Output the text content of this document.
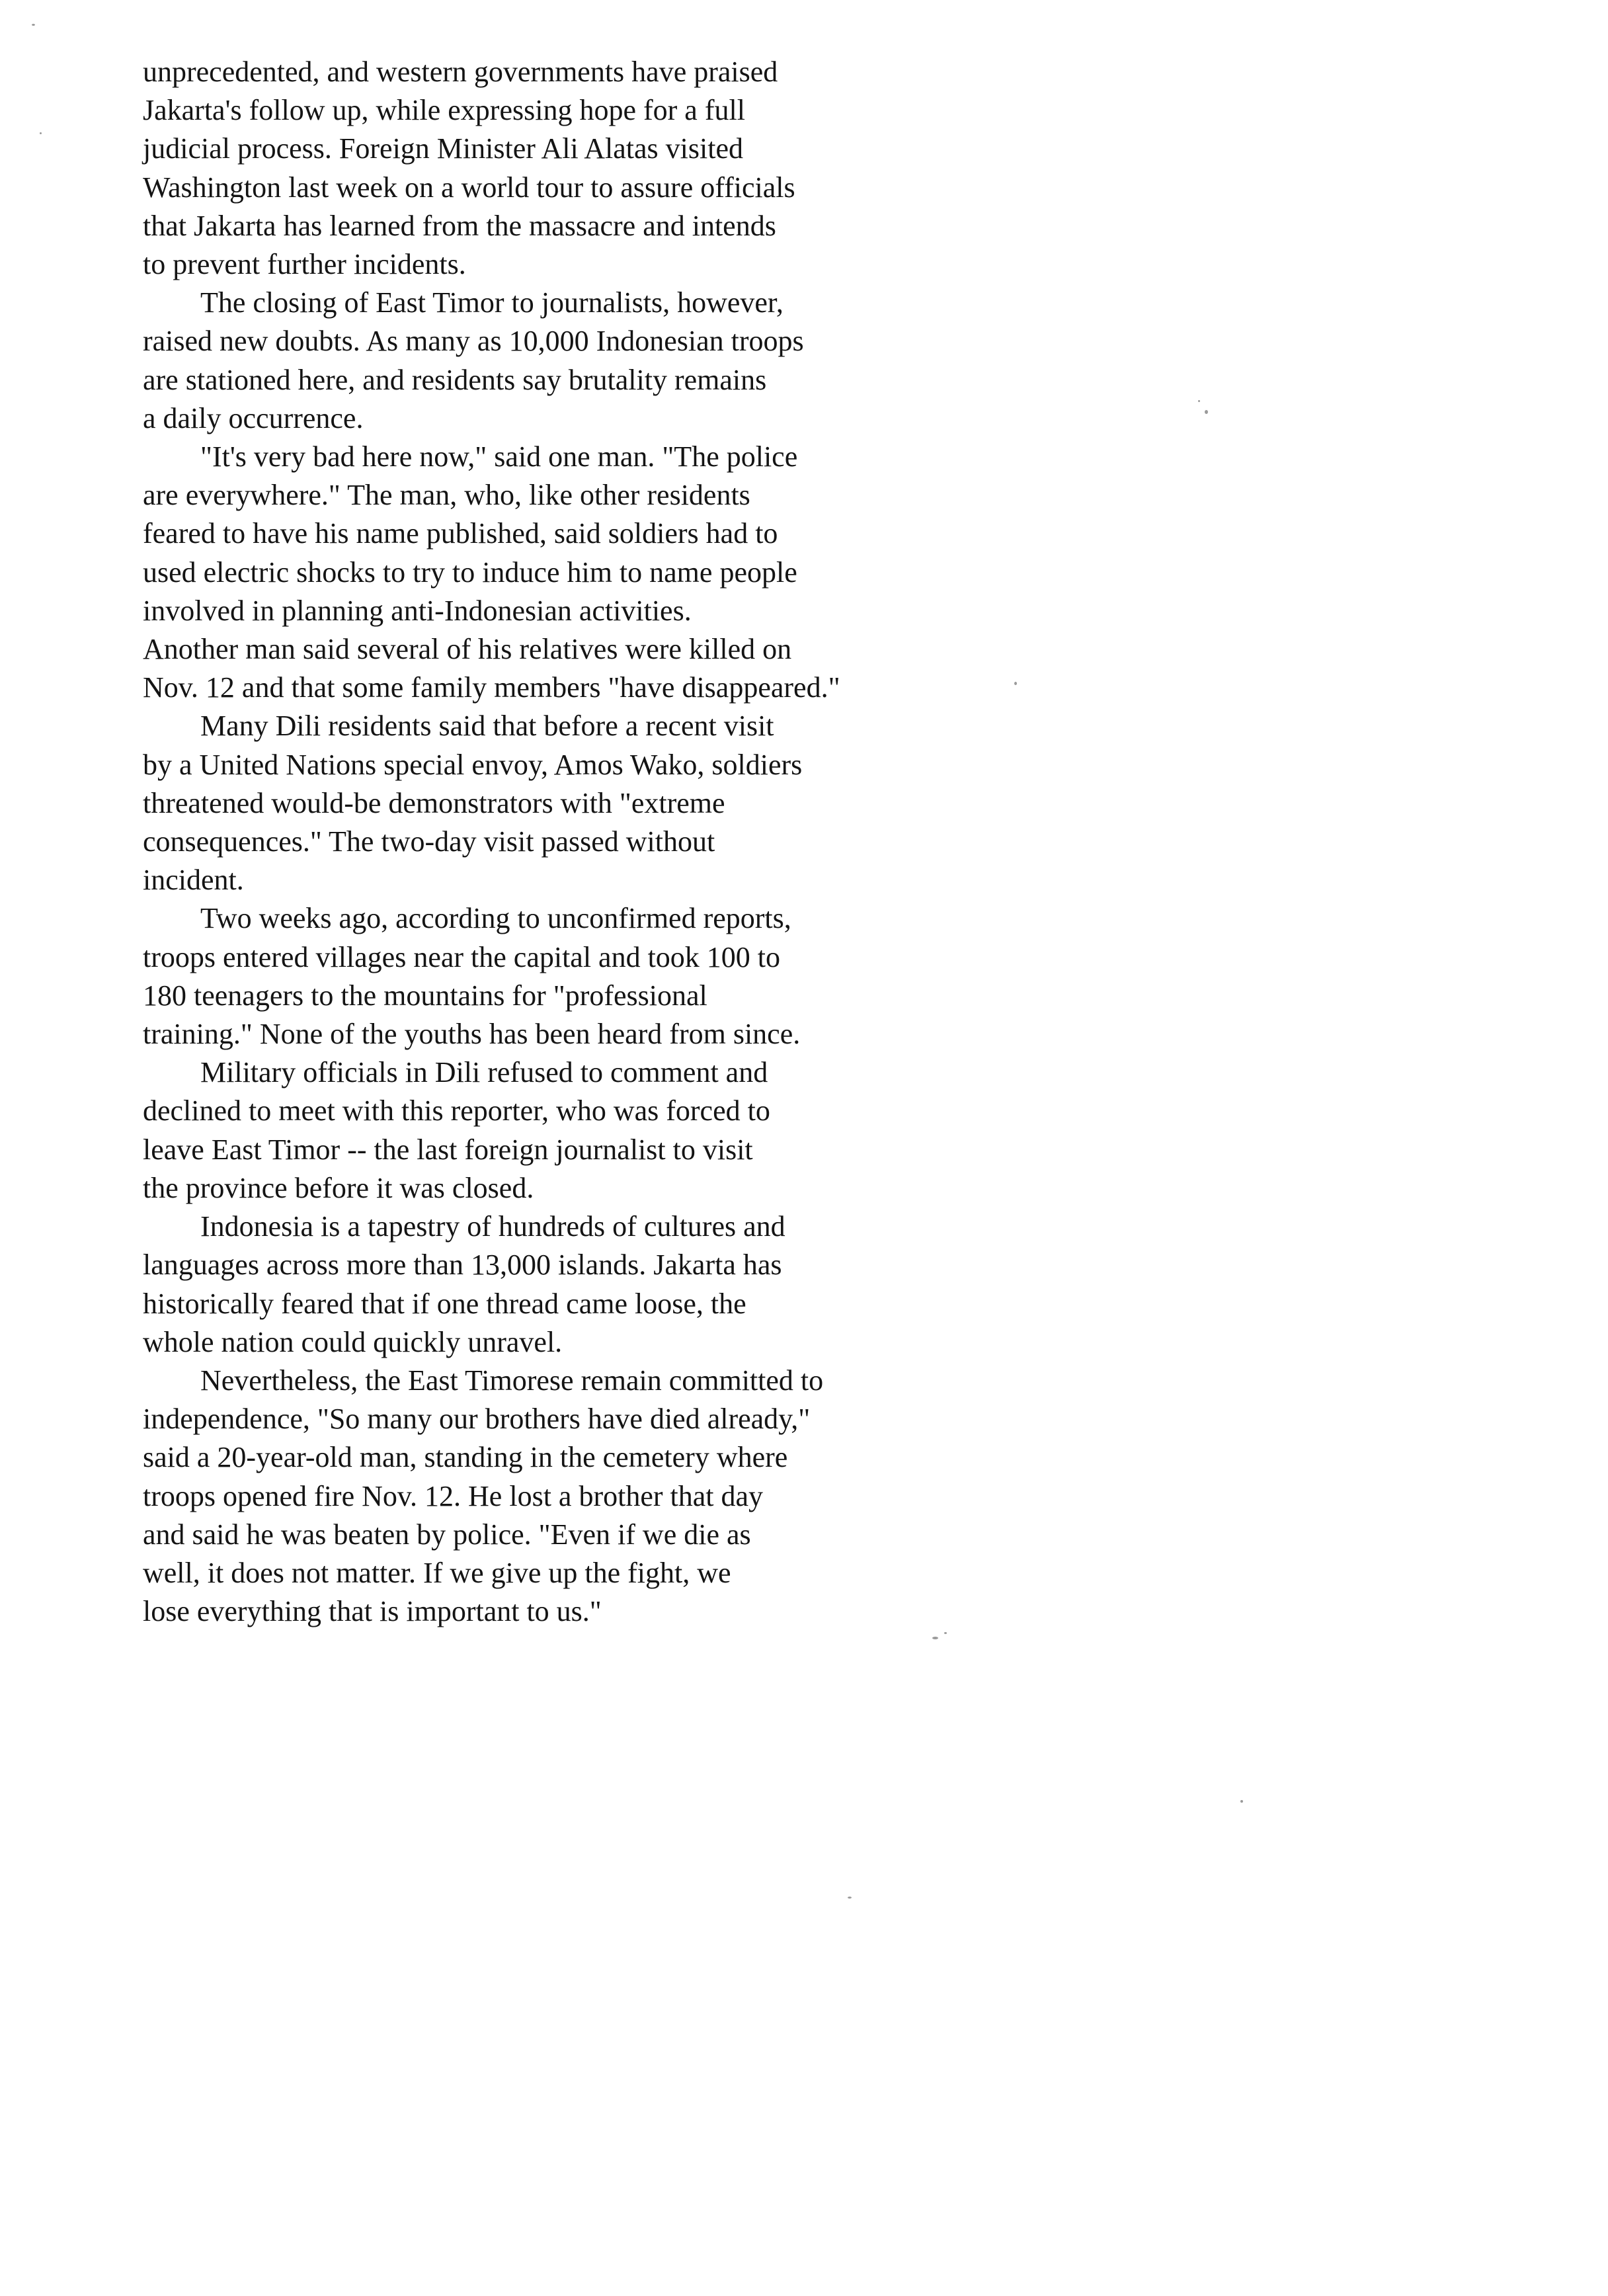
unprecedented, and western governments have praised
Jakarta's follow up, while expressing hope for a full
judicial process. Foreign Minister Ali Alatas visited
Washington last week on a world tour to assure officials
that Jakarta has learned from the massacre and intends
to prevent further incidents.

The closing of East Timor to journalists, however,
raised new doubts. As many as 10,000 Indonesian troops
are stationed here, and residents say brutality remains
a daily occurrence.

"It's very bad here now," said one man. "The police
are everywhere." The man, who, like other residents
feared to have his name published, said soldiers had to
used electric shocks to try to induce him to name people
involved in planning anti-Indonesian activities.
Another man said several of his relatives were killed on
Nov. 12 and that some family members "have disappeared."

Many Dili residents said that before a recent visit
by a United Nations special envoy, Amos Wako, soldiers
threatened would-be demonstrators with "extreme
consequences." The two-day visit passed without
incident.

Two weeks ago, according to unconfirmed reports,
troops entered villages near the capital and took 100 to
180 teenagers to the mountains for "professional
training." None of the youths has been heard from since.

Military officials in Dili refused to comment and
declined to meet with this reporter, who was forced to
leave East Timor -- the last foreign journalist to visit
the province before it was closed.

Indonesia is a tapestry of hundreds of cultures and
languages across more than 13,000 islands. Jakarta has
historically feared that if one thread came loose, the
whole nation could quickly unravel.

Nevertheless, the East Timorese remain committed to
independence, "So many our brothers have died already,"
said a 20-year-old man, standing in the cemetery where
troops opened fire Nov. 12. He lost a brother that day
and said he was beaten by police. "Even if we die as
well, it does not matter. If we give up the fight, we
lose everything that is important to us."
